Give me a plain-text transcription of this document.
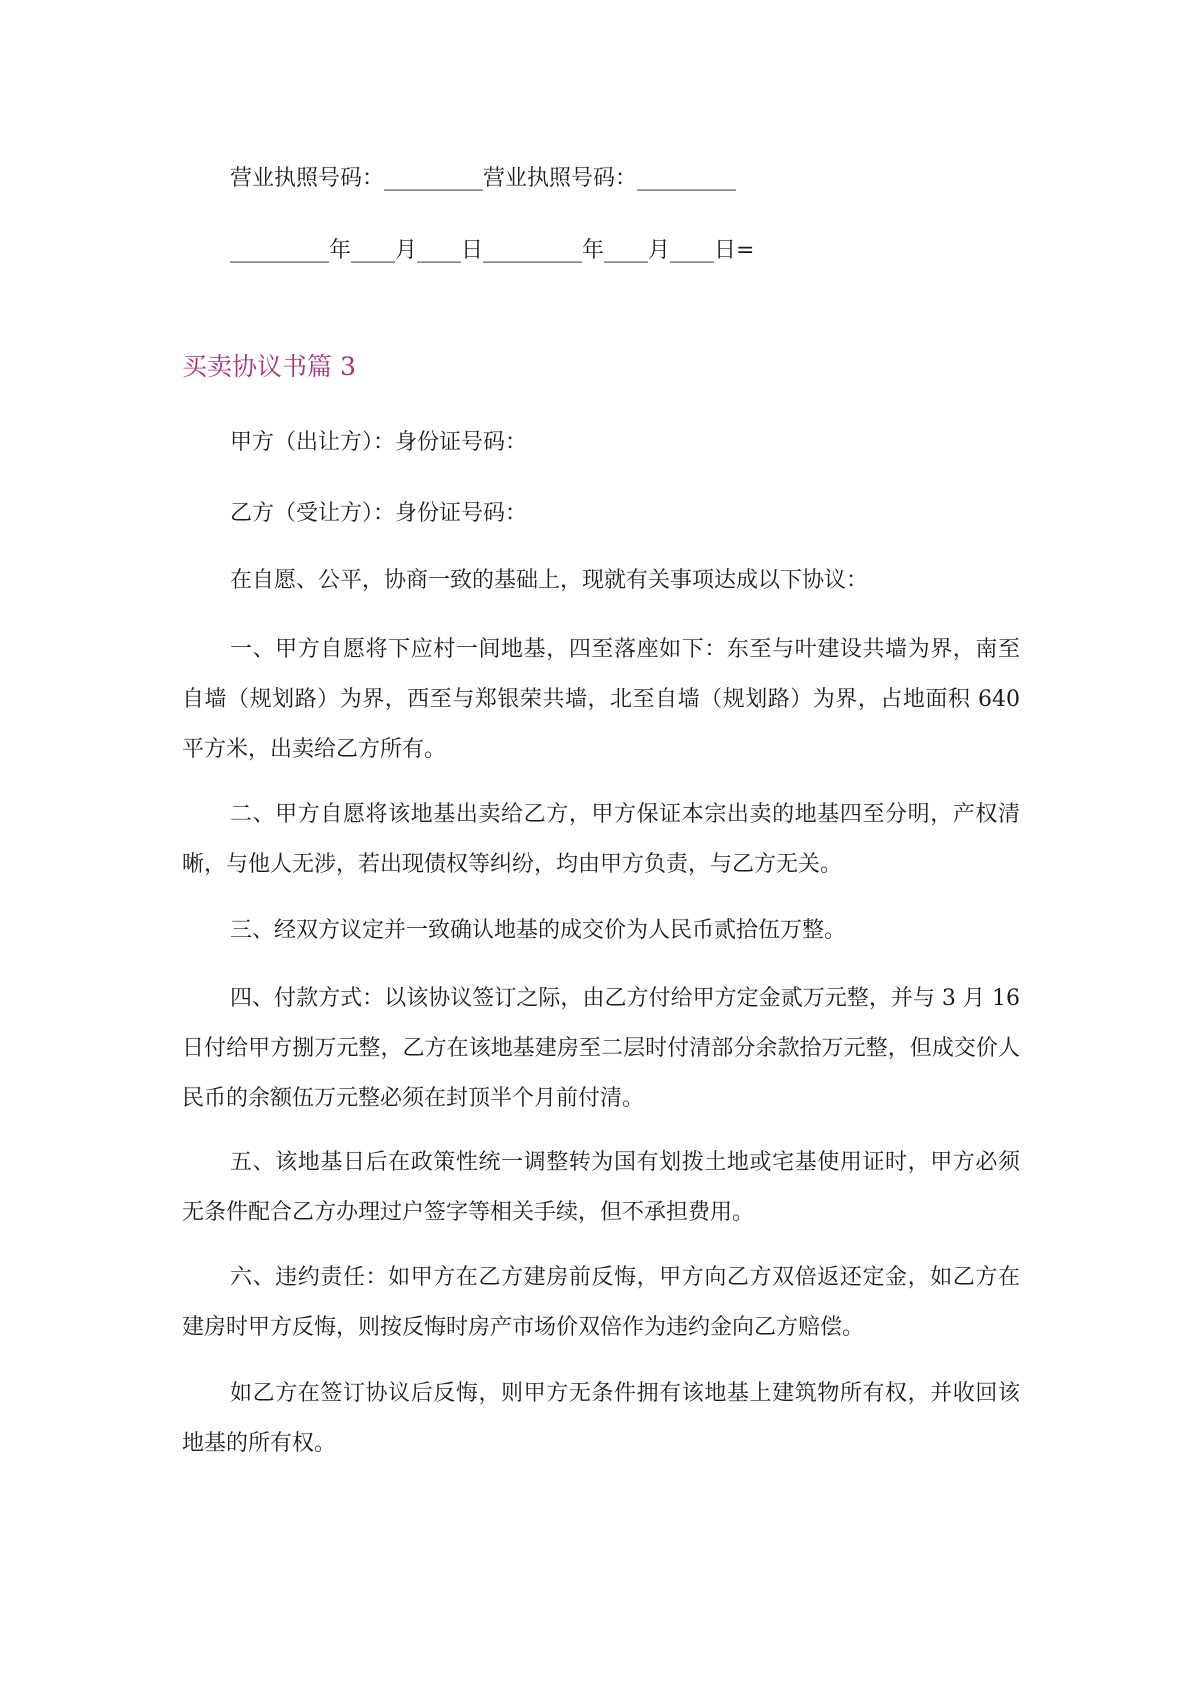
营业执照号码：_________营业执照号码：_________
_________年____月____日_________年____月____日=
买卖协议书篇 3
甲方（出让方）：身份证号码：
乙方（受让方）：身份证号码：
在自愿、公平，协商一致的基础上，现就有关事项达成以下协议：
一、甲方自愿将下应村一间地基，四至落座如下：东至与叶建设共墙为界，南至自墙（规划路）为界，西至与郑银荣共墙，北至自墙（规划路）为界，占地面积 640 平方米，出卖给乙方所有。
二、甲方自愿将该地基出卖给乙方，甲方保证本宗出卖的地基四至分明，产权清晰，与他人无涉，若出现债权等纠纷，均由甲方负责，与乙方无关。
三、经双方议定并一致确认地基的成交价为人民币贰拾伍万整。
四、付款方式：以该协议签订之际，由乙方付给甲方定金贰万元整，并与 3 月 16 日付给甲方捌万元整，乙方在该地基建房至二层时付清部分余款拾万元整，但成交价人民币的余额伍万元整必须在封顶半个月前付清。
五、该地基日后在政策性统一调整转为国有划拨土地或宅基使用证时，甲方必须无条件配合乙方办理过户签字等相关手续，但不承担费用。
六、违约责任：如甲方在乙方建房前反悔，甲方向乙方双倍返还定金，如乙方在建房时甲方反悔，则按反悔时房产市场价双倍作为违约金向乙方赔偿。
如乙方在签订协议后反悔，则甲方无条件拥有该地基上建筑物所有权，并收回该地基的所有权。
